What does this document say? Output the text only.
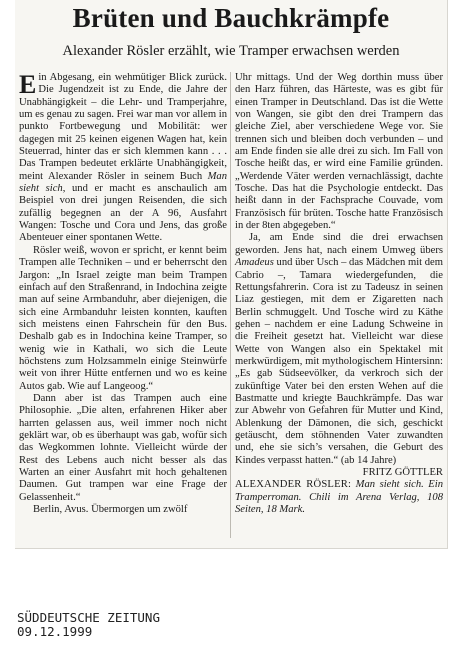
Brüten und Bauchkrämpfe
Alexander Rösler erzählt, wie Tramper erwachsen werden

Ein Abgesang, ein wehmütiger Blick zurück. Die Jugendzeit ist zu Ende, die Jahre der Unabhängigkeit – die Lehr- und Tramperjahre, um es genau zu sagen. Frei war man vor allem in punkto Fortbewegung und Mobilität: wer dagegen mit 25 keinen eigenen Wagen hat, kein Steuerrad, hinter das er sich klemmen kann . . . Das Trampen bedeutet erklärte Unabhängigkeit, meint Alexander Rösler in seinem Buch Man sieht sich, und er macht es anschaulich am Beispiel von drei jungen Reisenden, die sich zufällig begegnen an der A 96, Ausfahrt Wangen: Tosche und Cora und Jens, das große Abenteuer einer spontanen Wette.

Rösler weiß, wovon er spricht, er kennt beim Trampen alle Techniken – und er beherrscht den Jargon: „In Israel zeigte man beim Trampen einfach auf den Straßenrand, in Indochina zeigte man auf seine Armbanduhr, aber diejenigen, die sich eine Armbanduhr leisten konnten, kauften sich meistens einen Fahrschein für den Bus. Deshalb gab es in Indochina keine Tramper, so wenig wie in Kathali, wo sich die Leute höchstens zum Holzsammeln einige Steinwürfe weit von ihrer Hütte entfernen und wo es keine Autos gab. Wie auf Langeoog.“

Dann aber ist das Trampen auch eine Philosophie. „Die alten, erfahrenen Hiker aber harrten gelassen aus, weil immer noch nicht geklärt war, ob es überhaupt was gab, wofür sich das Wegkommen lohnte. Vielleicht würde der Rest des Lebens auch nicht besser als das Warten an einer Ausfahrt mit hoch gehaltenen Daumen. Gut trampen war eine Frage der Gelassenheit.“

Berlin, Avus. Übermorgen um zwölf

Uhr mittags. Und der Weg dorthin muss über den Harz führen, das Härteste, was es gibt für einen Tramper in Deutschland. Das ist die Wette von Wangen, sie gibt den drei Trampern das gleiche Ziel, aber verschiedene Wege vor. Sie trennen sich und bleiben doch verbunden – und am Ende finden sie alle drei zu sich. Im Fall von Tosche heißt das, er wird eine Familie gründen. „Werdende Väter werden vernachlässigt, dachte Tosche. Das hat die Psychologie entdeckt. Das heißt dann in der Fachsprache Couvade, vom Französisch für brüten. Tosche hatte Französisch in der 8ten abgegeben.“

Ja, am Ende sind die drei erwachsen geworden. Jens hat, nach einem Umweg übers Amadeus und über Usch – das Mädchen mit dem Cabrio –, Tamara wiedergefunden, die Rettungsfahrerin. Cora ist zu Tadeusz in seinen Liaz gestiegen, mit dem er Zigaretten nach Berlin schmuggelt. Und Tosche wird zu Käthe gehen – nachdem er eine Ladung Schweine in die Freiheit gesetzt hat. Vielleicht war diese Wette von Wangen also ein Spektakel mit merkwürdigem, mit mythologischem Hintersinn: „Es gab Südseevölker, da verkroch sich der zukünftige Vater bei den ersten Wehen auf die Bastmatte und kriegte Bauchkrämpfe. Das war zur Abwehr von Gefahren für Mutter und Kind, Ablenkung der Dämonen, die sich, geschickt getäuscht, dem stöhnenden Vater zuwandten und, ehe sie sich’s versahen, die Geburt des Kindes verpasst hatten.“ (ab 14 Jahre)

FRITZ GÖTTLER

ALEXANDER RÖSLER: Man sieht sich. Ein Tramperroman. Chili im Arena Verlag, 108 Seiten, 18 Mark.

SÜDDEUTSCHE ZEITUNG
09.12.1999
